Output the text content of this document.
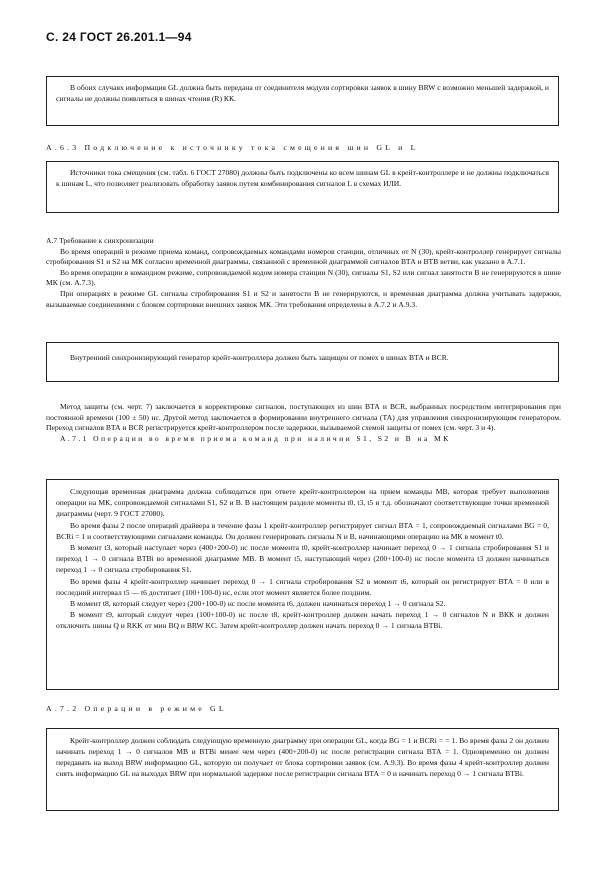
С. 24 ГОСТ 26.201.1—94

В обоих случаях информация GL должна быть передана от соединителя модуля сортировки заявок в шину BRW с возможно меньшей задержкой, и сигналы не должны появляться в шинах чтения (R) КК.

А.6.3 Подключение к источнику тока смещения шин GL и L

Источники тока смещения (см. табл. 6 ГОСТ 27080) должны быть подключены ко всем шинам GL в крейт-контроллере и не должны подключаться к шинам L, что позволяет реализовать обработку заявок путем комбинирования сигналов L в схемах ИЛИ.

А.7 Требование к синхронизации

Во время операций в режиме приема команд, сопровождаемых командами номеров станции, отличных от N (30), крейт-контроллер генерирует сигналы стробирования S1 и S2 на МК согласно временной диаграммы, связанной с временной диаграммой сигналов ВТА и ВТВ ветви, как указано в А.7.1.

Во время операции в командном режиме, сопровождаемой кодом номера станции N (30), сигналы S1, S2 или сигнал занятости В не генерируются в шине МК (см. А.7.3).

При операциях в режиме GL сигналы стробирования S1 и S2 и занятости В не генерируются, и временная диаграмма должна учитывать задержки, вызываемые соединениями с блоком сортировки внешних заявок МК. Эти требования определены в А.7.2 и А.9.3.

Внутренний синхронизирующий генератор крейт-контроллера должен быть защищен от помех в шинах ВТА и BCR.

Метод защиты (см. черт. 7) заключается в корректировке сигналов, поступающих из шин ВТА и BCR, выбранных посредством интегрирования при постоянной времени (100 ± 50) нс. Другой метод заключается в формировании внутреннего сигнала (ТА) для управления синхронизирующим генератором. Переход сигналов ВТА и BCR регистрируется крейт-контроллером после задержки, вызываемой схемой защиты от помех (см. черт. 3 и 4).

А.7.1 Операции во время приема команд при наличии S1, S2 и В на МК

Следующая временная диаграмма должна соблюдаться при ответе крейт-контроллером на прием команды MB, которая требует выполнения операции на МК, сопровождаемой сигналами S1, S2 и В. В настоящем разделе моменты t0, t3, t5 и т.д. обозначают соответствующие точки временной диаграммы (черт. 9 ГОСТ 27080).

Во время фазы 2 после операций драйвера в течение фазы 1 крейт-контроллер регистрирует сигнал ВТА = 1, сопровождаемый сигналами BG = 0, BCRi = 1 и соответствующими сигналами команды. Он должен генерировать сигналы N и В, начинающими операцию на МК в момент t0.

В момент t3, который наступает через (400+200-0) нс после момента t0, крейт-контроллер начинает переход 0 → 1 сигнала стробирования S1 и переход 1 → 0 сигнала BTBi во временной диаграмме МВ. В момент t5, наступающий через (200+100-0) нс после момента t3 должен начинаться переход 1 → 0 сигнала стробирования S1.

Во время фазы 4 крейт-контроллер начинает переход 0 → 1 сигнала стробирования S2 в момент t6, который он регистрирует ВТА = 0 или в последний интервал t5 — t6 достигает (100+100-0) нс, если этот момент является более поздним.

В момент t8, который следует через (200+100-0) нс после момента t6, должен начинаться переход 1 → 0 сигнала S2.

В момент t9, который следует через (100+100-0) нс после t8, крейт-контроллер должен начать переход 1 → 0 сигналов N и ВКК и должен отключить шины Q и RKK от мин BQ и BRW KC. Затем крейт-контроллер должен начать переход 0 → 1 сигнала BTBi.

А.7.2 Операции в режиме GL

Крейт-контроллер должен соблюдать следующую временную диаграмму при операции GL, когда BG = 1 и BCRi = = 1. Во время фазы 2 он должен начинать переход 1 → 0 сигналов МВ и BTBi менее чем через (400+200-0) нс после регистрации сигнала ВТА = 1. Одновременно он должен передавать на выход BRW информацию GL, которую он получает от блока сортировки заявок (см. А.9.3). Во время фазы 4 крейт-контроллер должен снять информацию GL на выходах BRW при нормальной задержке после регистрации сигнала ВТА = 0 и начинать переход 0 → 1 сигнала BTBi.
